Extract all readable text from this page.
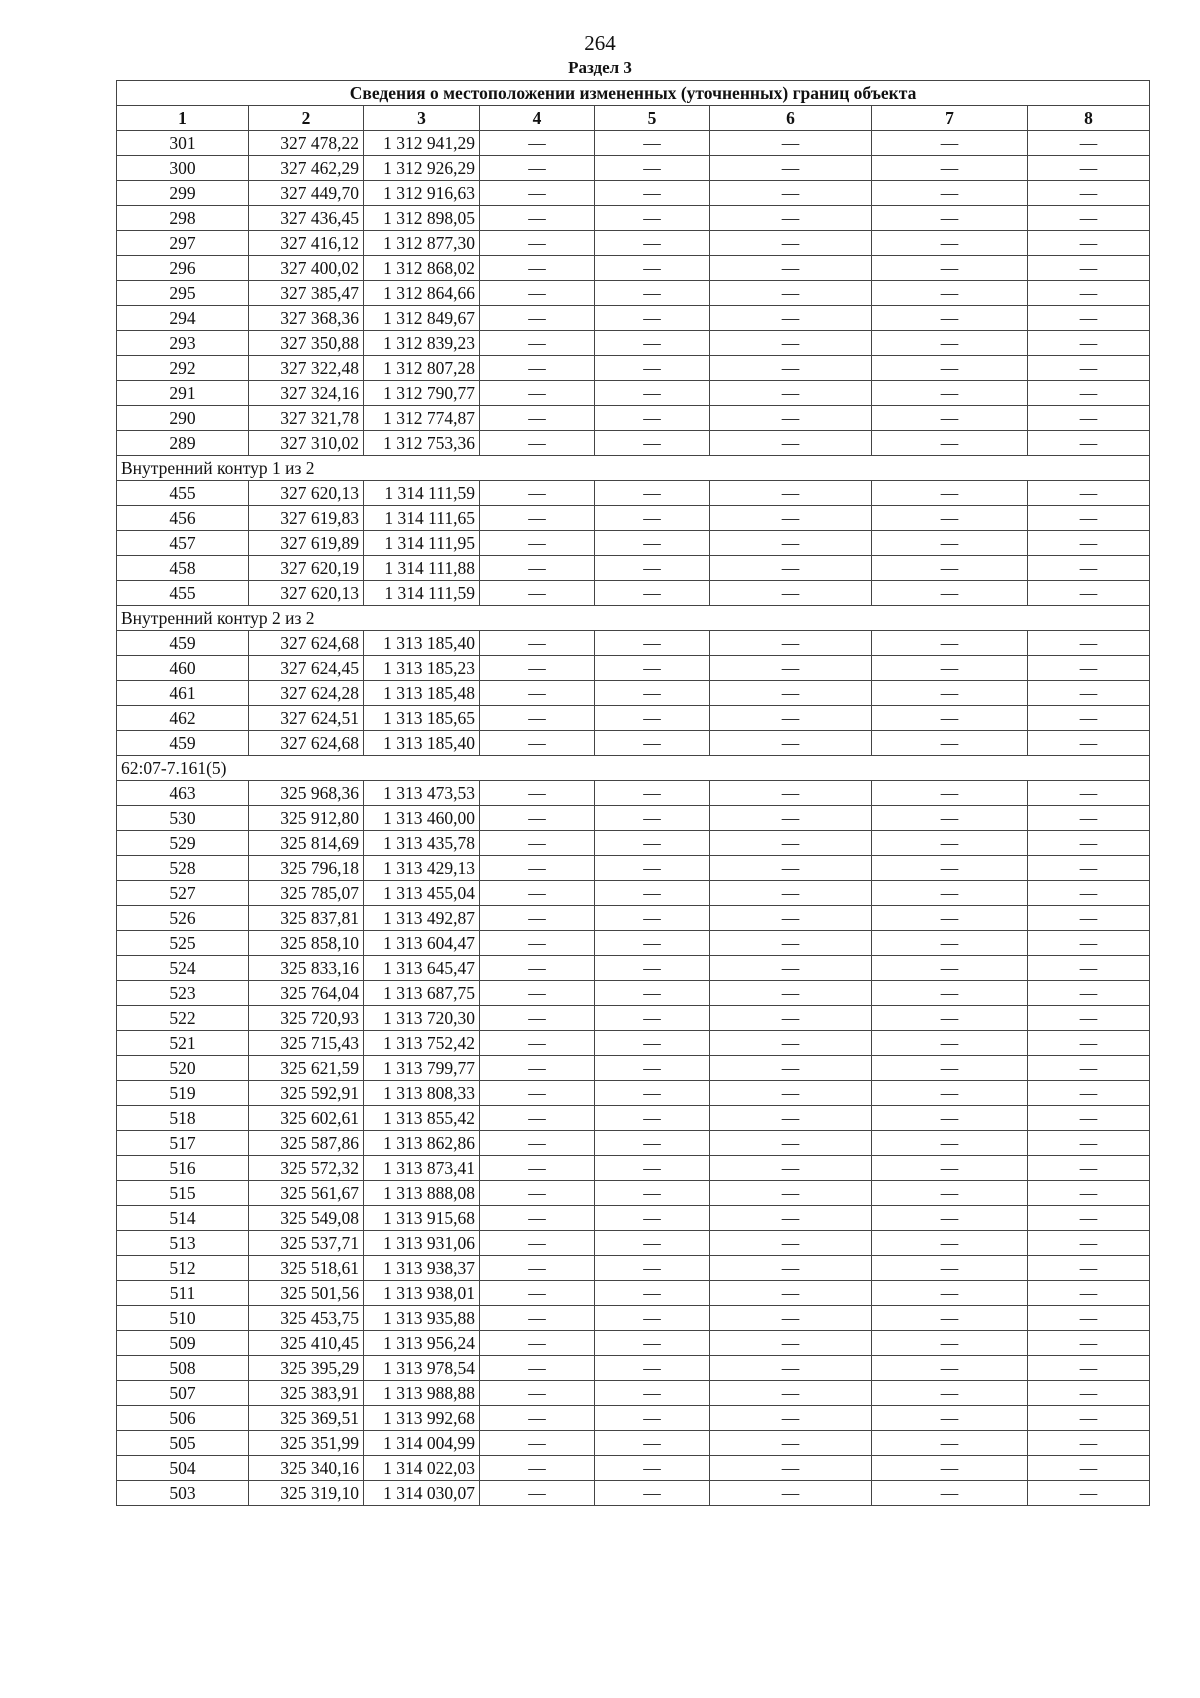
264
Раздел 3
Сведения о местоположении измененных (уточненных) границ объекта							
1	2	3	4	5	6	7	8
301	327 478,22	1 312 941,29	—	—	—	—	—
300	327 462,29	1 312 926,29	—	—	—	—	—
299	327 449,70	1 312 916,63	—	—	—	—	—
298	327 436,45	1 312 898,05	—	—	—	—	—
297	327 416,12	1 312 877,30	—	—	—	—	—
296	327 400,02	1 312 868,02	—	—	—	—	—
295	327 385,47	1 312 864,66	—	—	—	—	—
294	327 368,36	1 312 849,67	—	—	—	—	—
293	327 350,88	1 312 839,23	—	—	—	—	—
292	327 322,48	1 312 807,28	—	—	—	—	—
291	327 324,16	1 312 790,77	—	—	—	—	—
290	327 321,78	1 312 774,87	—	—	—	—	—
289	327 310,02	1 312 753,36	—	—	—	—	—
Внутренний контур 1 из 2							
455	327 620,13	1 314 111,59	—	—	—	—	—
456	327 619,83	1 314 111,65	—	—	—	—	—
457	327 619,89	1 314 111,95	—	—	—	—	—
458	327 620,19	1 314 111,88	—	—	—	—	—
455	327 620,13	1 314 111,59	—	—	—	—	—
Внутренний контур 2 из 2							
459	327 624,68	1 313 185,40	—	—	—	—	—
460	327 624,45	1 313 185,23	—	—	—	—	—
461	327 624,28	1 313 185,48	—	—	—	—	—
462	327 624,51	1 313 185,65	—	—	—	—	—
459	327 624,68	1 313 185,40	—	—	—	—	—
62:07-7.161(5)							
463	325 968,36	1 313 473,53	—	—	—	—	—
530	325 912,80	1 313 460,00	—	—	—	—	—
529	325 814,69	1 313 435,78	—	—	—	—	—
528	325 796,18	1 313 429,13	—	—	—	—	—
527	325 785,07	1 313 455,04	—	—	—	—	—
526	325 837,81	1 313 492,87	—	—	—	—	—
525	325 858,10	1 313 604,47	—	—	—	—	—
524	325 833,16	1 313 645,47	—	—	—	—	—
523	325 764,04	1 313 687,75	—	—	—	—	—
522	325 720,93	1 313 720,30	—	—	—	—	—
521	325 715,43	1 313 752,42	—	—	—	—	—
520	325 621,59	1 313 799,77	—	—	—	—	—
519	325 592,91	1 313 808,33	—	—	—	—	—
518	325 602,61	1 313 855,42	—	—	—	—	—
517	325 587,86	1 313 862,86	—	—	—	—	—
516	325 572,32	1 313 873,41	—	—	—	—	—
515	325 561,67	1 313 888,08	—	—	—	—	—
514	325 549,08	1 313 915,68	—	—	—	—	—
513	325 537,71	1 313 931,06	—	—	—	—	—
512	325 518,61	1 313 938,37	—	—	—	—	—
511	325 501,56	1 313 938,01	—	—	—	—	—
510	325 453,75	1 313 935,88	—	—	—	—	—
509	325 410,45	1 313 956,24	—	—	—	—	—
508	325 395,29	1 313 978,54	—	—	—	—	—
507	325 383,91	1 313 988,88	—	—	—	—	—
506	325 369,51	1 313 992,68	—	—	—	—	—
505	325 351,99	1 314 004,99	—	—	—	—	—
504	325 340,16	1 314 022,03	—	—	—	—	—
503	325 319,10	1 314 030,07	—	—	—	—	—
